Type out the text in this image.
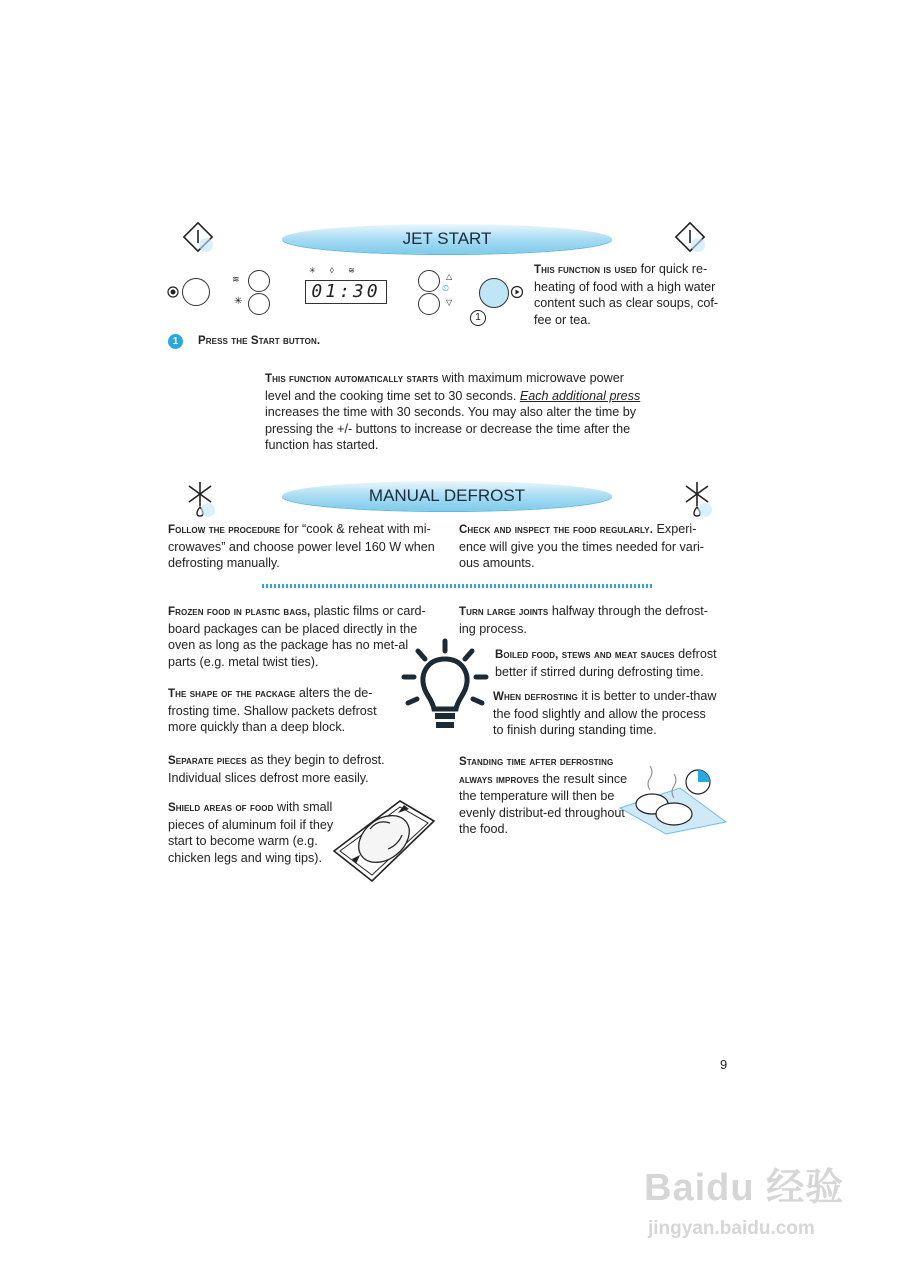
JET START
≋
✳
✳ ◊ ≋
01:30
△
⏲
▽
1

This function is used for quick re-heating of food with a high water content such as clear soups, cof-fee or tea.

1	Press the Start button.

This function automatically starts with maximum microwave power level and the cooking time set to 30 seconds. Each additional press increases the time with 30 seconds. You may also alter the time by pressing the +/- buttons to increase or decrease the time after the function has started.

MANUAL DEFROST

Follow the procedure for “cook & reheat with mi-crowaves” and choose power level 160 W when defrosting manually.

Check and inspect the food regularly. Experi-ence will give you the times needed for vari-ous amounts.

Frozen food in plastic bags, plastic films or card-board packages can be placed directly in the oven as long as the package has no met-al parts (e.g. metal twist ties).

The shape of the package alters the de-frosting time. Shallow packets defrost more quickly than a deep block.

Separate pieces as they begin to defrost. Individual slices defrost more easily.

Shield areas of food with small pieces of aluminum foil if they start to become warm (e.g. chicken legs and wing tips).

Turn large joints halfway through the defrost-ing process.

Boiled food, stews and meat sauces defrost better if stirred during defrosting time.

When defrosting it is better to under-thaw the food slightly and allow the process to finish during standing time.

Standing time after defrosting always improves the result since the temperature will then be evenly distribut-ed throughout the food.

9
Baidu 经验
jingyan.baidu.com
